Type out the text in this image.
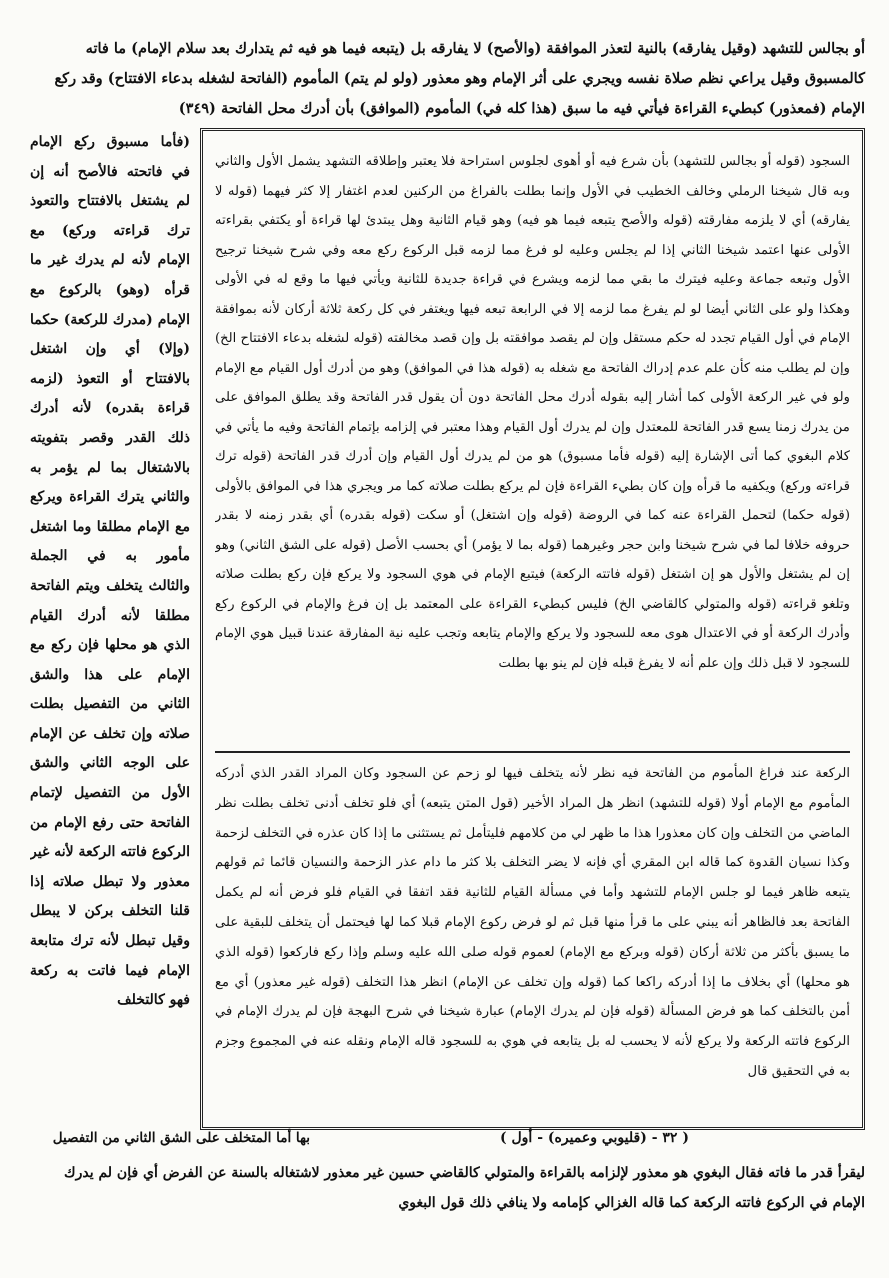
أو بجالس للتشهد (وقيل يفارقه) بالنية لتعذر الموافقة (والأصح) لا يفارقه بل (يتبعه فيما هو فيه ثم يتدارك بعد سلام الإمام) ما فاته
كالمسبوق وقيل يراعي نظم صلاة نفسه ويجري على أثر الإمام وهو معذور (ولو لم يتم) المأموم (الفاتحة لشغله بدعاء الافتتاح) وقد ركع
الإمام (فمعذور) كبطيء القراءة فيأتي فيه ما سبق (هذا كله في) المأموم (الموافق) بأن أدرك محل الفاتحة (٣٤٩)
(فأما مسبوق ركع الإمام في فاتحته فالأصح أنه إن لم يشتغل بالافتتاح والتعوذ ترك قراءته وركع) مع الإمام لأنه لم يدرك غير ما قرأه (وهو) بالركوع مع الإمام (مدرك للركعة) حكما (وإلا) أي وإن اشتغل بالافتتاح أو التعوذ (لزمه قراءة بقدره) لأنه أدرك ذلك القدر وقصر بتفويته بالاشتغال بما لم يؤمر به والثاني يترك القراءة ويركع مع الإمام مطلقا وما اشتغل مأمور به في الجملة والثالث يتخلف ويتم الفاتحة مطلقا لأنه أدرك القيام الذي هو محلها فإن ركع مع الإمام على هذا والشق الثاني من التفصيل بطلت صلاته وإن تخلف عن الإمام على الوجه الثاني والشق الأول من التفصيل لإتمام الفاتحة حتى رفع الإمام من الركوع فاتته الركعة لأنه غير معذور ولا تبطل صلاته إذا قلنا التخلف بركن لا يبطل وقيل تبطل لأنه ترك متابعة الإمام فيما فاتت به ركعة فهو كالتخلف
السجود (قوله أو بجالس للتشهد) بأن شرع فيه أو أهوى لجلوس استراحة فلا يعتبر وإطلاقه التشهد يشمل الأول والثاني وبه قال شيخنا الرملي وخالف الخطيب في الأول وإنما بطلت بالفراغ من الركنين لعدم اغتفار إلا كثر فيهما (قوله لا يفارقه) أي لا يلزمه مفارقته (قوله والأصح يتبعه فيما هو فيه) وهو قيام الثانية وهل يبتدئ لها قراءة أو يكتفي بقراءته الأولى عنها اعتمد شيخنا الثاني إذا لم يجلس وعليه لو فرغ مما لزمه قبل الركوع ركع معه وفي شرح شيخنا ترجيح الأول وتبعه جماعة وعليه فيترك ما بقي مما لزمه ويشرع في قراءة جديدة للثانية ويأتي فيها ما وقع له في الأولى وهكذا ولو على الثاني أيضا لو لم يفرغ مما لزمه إلا في الرابعة تبعه فيها ويغتفر في كل ركعة ثلاثة أركان لأنه بموافقة الإمام في أول القيام تجدد له حكم مستقل وإن لم يقصد موافقته بل وإن قصد مخالفته (قوله لشغله بدعاء الافتتاح الخ) وإن لم يطلب منه كأن علم عدم إدراك الفاتحة مع شغله به (قوله هذا في الموافق) وهو من أدرك أول القيام مع الإمام ولو في غير الركعة الأولى كما أشار إليه بقوله أدرك محل الفاتحة دون أن يقول قدر الفاتحة وقد يطلق الموافق على من يدرك زمنا يسع قدر الفاتحة للمعتدل وإن لم يدرك أول القيام وهذا معتبر في إلزامه بإتمام الفاتحة وفيه ما يأتي في كلام البغوي كما أتى الإشارة إليه (قوله فأما مسبوق) هو من لم يدرك أول القيام وإن أدرك قدر الفاتحة (قوله ترك قراءته وركع) ويكفيه ما قرأه وإن كان بطيء القراءة فإن لم يركع بطلت صلاته كما مر ويجري هذا في الموافق بالأولى (قوله حكما) لتحمل القراءة عنه كما في الروضة (قوله وإن اشتغل) أو سكت (قوله بقدره) أي بقدر زمنه لا بقدر حروفه خلافا لما في شرح شيخنا وابن حجر وغيرهما (قوله بما لا يؤمر) أي بحسب الأصل (قوله على الشق الثاني) وهو إن لم يشتغل والأول هو إن اشتغل (قوله فاتته الركعة) فيتبع الإمام في هوي السجود ولا يركع فإن ركع بطلت صلاته وتلغو قراءته (قوله والمتولي كالقاضي الخ) فليس كبطيء القراءة على المعتمد بل إن فرغ والإمام في الركوع ركع وأدرك الركعة أو في الاعتدال هوى معه للسجود ولا يركع والإمام يتابعه وتجب عليه نية المفارقة عندنا قبيل هوي الإمام للسجود لا قبل ذلك وإن علم أنه لا يفرغ قبله فإن لم ينو بها بطلت
الركعة عند فراغ المأموم من الفاتحة فيه نظر لأنه يتخلف فيها لو زحم عن السجود وكان المراد القدر الذي أدركه المأموم مع الإمام أولا (قوله للتشهد) انظر هل المراد الأخير (قول المتن يتبعه) أي فلو تخلف أدنى تخلف بطلت نظر الماضي من التخلف وإن كان معذورا هذا ما ظهر لي من كلامهم فليتأمل ثم يستثنى ما إذا كان عذره في التخلف لزحمة وكذا نسيان القدوة كما قاله ابن المقري أي فإنه لا يضر التخلف بلا كثر ما دام عذر الزحمة والنسيان قائما ثم قولهم يتبعه ظاهر فيما لو جلس الإمام للتشهد وأما في مسألة القيام للثانية فقد اتفقا في القيام فلو فرض أنه لم يكمل الفاتحة بعد فالظاهر أنه يبني على ما قرأ منها قبل ثم لو فرض ركوع الإمام قبلا كما لها فيحتمل أن يتخلف للبقية على ما يسبق بأكثر من ثلاثة أركان (قوله وبركع مع الإمام) لعموم قوله صلى الله عليه وسلم وإذا ركع فاركعوا (قوله الذي هو محلها) أي بخلاف ما إذا أدركه راكعا كما (قوله وإن تخلف عن الإمام) انظر هذا التخلف (قوله غير معذور) أي مع أمن بالتخلف كما هو فرض المسألة (قوله فإن لم يدرك الإمام) عبارة شيخنا في شرح البهجة فإن لم يدرك الإمام في الركوع فاتته الركعة ولا يركع لأنه لا يحسب له بل يتابعه في هوي به للسجود قاله الإمام ونقله عنه في المجموع وجزم به في التحقيق قال
بها أما المتخلف على الشق الثاني من التفصيل	( ٣٢ - (قليوبي وعميره) - أول )
ليقرأ قدر ما فاته فقال البغوي هو معذور لإلزامه بالقراءة والمتولي كالقاضي حسين غير معذور لاشتغاله بالسنة عن الفرض أي فإن لم يدرك
الإمام في الركوع فاتته الركعة كما قاله الغزالي كإمامه ولا ينافي ذلك قول البغوي
